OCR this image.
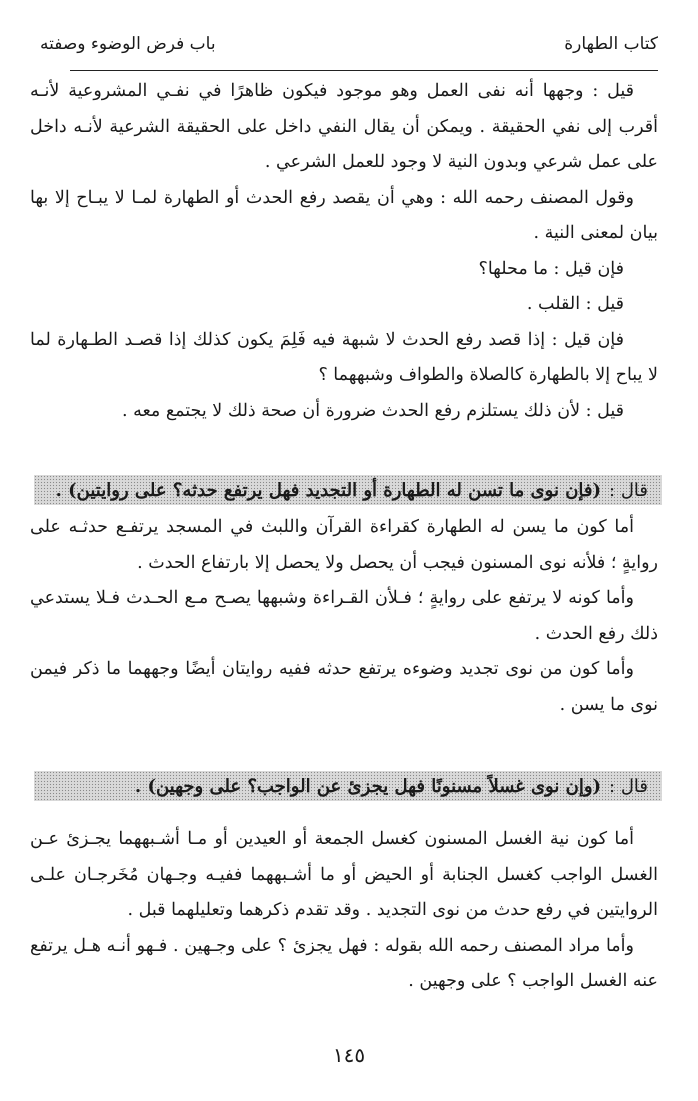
كتاب الطهارة
باب فرض الوضوء وصفته

قيل : وجهها أنه نفى العمل وهو موجود فيكون ظاهرًا في نفـي المشروعية لأنـه أقرب إلى نفي الحقيقة . ويمكن أن يقال النفي داخل على الحقيقة الشرعية لأنـه داخل على عمل شرعي وبدون النية لا وجود للعمل الشرعي .

وقول المصنف رحمه الله : وهي أن يقصد رفع الحدث أو الطهارة لمـا لا يبـاح إلا بها بيان لمعنى النية .

فإن قيل : ما محلها؟

قيل : القلب .

فإن قيل : إذا قصد رفع الحدث لا شبهة فيه فَلِمَ يكون كذلك إذا قصـد الطـهارة لما لا يباح إلا بالطهارة كالصلاة والطواف وشبههما ؟

قيل : لأن ذلك يستلزم رفع الحدث ضرورة أن صحة ذلك لا يجتمع معه .

قال :
(فإن نوى ما تسن له الطهارة أو التجديد فهل يرتفع حدثه؟ على روايتين) .

أما كون ما يسن له الطهارة كقراءة القرآن واللبث في المسجد يرتفـع حدثـه على روايةٍ ؛ فلأنه نوى المسنون فيجب أن يحصل ولا يحصل إلا بارتفاع الحدث .

وأما كونه لا يرتفع على روايةٍ ؛ فـلأن القـراءة وشبهها يصـح مـع الحـدث فـلا يستدعي ذلك رفع الحدث .

وأما كون من نوى تجديد وضوءه يرتفع حدثه ففيه روايتان أيضًا وجههما ما ذكر فيمن نوى ما يسن .

قال :
(وإن نوى غسلاً مسنونًا فهل يجزئ عن الواجب؟ على وجهين) .

أما كون نية الغسل المسنون كغسل الجمعة أو العيدين أو مـا أشـبههما يجـزئ عـن الغسل الواجب كغسل الجنابة أو الحيض أو ما أشـبههما ففيـه وجـهان مُخَرجـان علـى الروايتين في رفع حدث من نوى التجديد . وقد تقدم ذكرهما وتعليلهما قبل .

وأما مراد المصنف رحمه الله بقوله : فهل يجزئ ؟ على وجـهين . فـهو أنـه هـل يرتفع عنه الغسل الواجب ؟ على وجهين .

١٤٥
